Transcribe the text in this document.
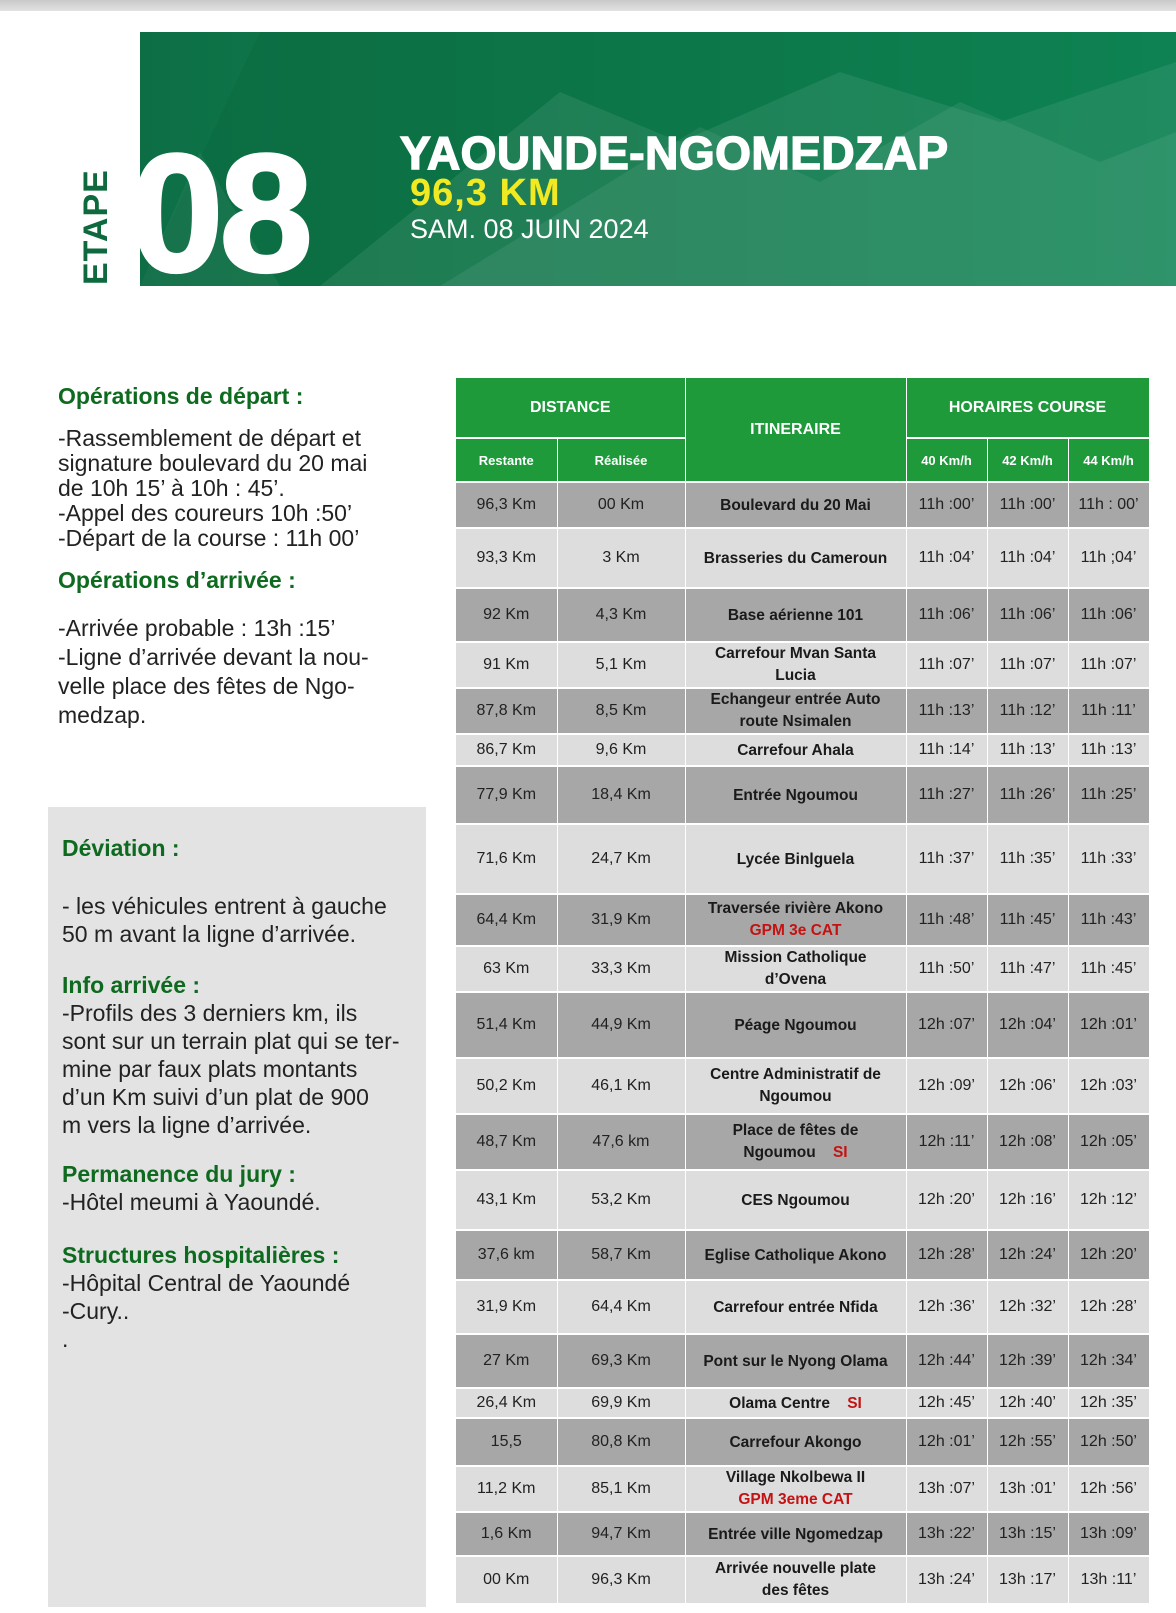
ETAPE 08 YAOUNDE-NGOMEDZAP
96,3 KM
SAM. 08 JUIN 2024

Opérations de départ :

-Rassemblement de départ et

signature boulevard du 20 mai

de 10h 15’ à 10h : 45’.

-Appel des coureurs 10h :50’

-Départ de la course : 11h 00’

Opérations d’arrivée :

-Arrivée probable : 13h :15’

-Ligne d’arrivée devant la nou-

velle place des fêtes de Ngo-

medzap.

Déviation :

- les véhicules entrent à gauche

50 m avant la ligne d’arrivée.

Info arrivée :

-Profils des 3 derniers km, ils

sont sur un terrain plat qui se ter-

mine par faux plats montants

d’un Km suivi d’un plat de 900

m vers la ligne d’arrivée.

Permanence du jury :

-Hôtel meumi à Yaoundé.

Structures hospitalières :

-Hôpital Central de Yaoundé

-Cury..

.

DISTANCE		ITINERAIRE	HORAIRES COURSE		
Restante	Réalisée		40 Km/h	42 Km/h	44 Km/h
96,3 Km	00 Km	Boulevard du 20 Mai	11h :00’	11h :00’	11h : 00’
93,3 Km	3 Km	Brasseries du Cameroun	11h :04’	11h :04’	11h ;04’
92 Km	4,3 Km	Base aérienne 101	11h :06’	11h :06’	11h :06’
91 Km	5,1 Km	Carrefour Mvan Santa
Lucia	11h :07’	11h :07’	11h :07’
87,8 Km	8,5 Km	Echangeur entrée Auto
route Nsimalen	11h :13’	11h :12’	11h :11’
86,7 Km	9,6 Km	Carrefour Ahala	11h :14’	11h :13’	11h :13’
77,9 Km	18,4 Km	Entrée Ngoumou	11h :27’	11h :26’	11h :25’
71,6 Km	24,7 Km	Lycée Binlguela	11h :37’	11h :35’	11h :33’
64,4 Km	31,9 Km	Traversée rivière Akono
GPM 3e CAT	11h :48’	11h :45’	11h :43’
63 Km	33,3 Km	Mission Catholique
d’Ovena	11h :50’	11h :47’	11h :45’
51,4 Km	44,9 Km	Péage Ngoumou	12h :07’	12h :04’	12h :01’
50,2 Km	46,1 Km	Centre Administratif de
Ngoumou	12h :09’	12h :06’	12h :03’
48,7 Km	47,6 km	Place de fêtes de
Ngoumou SI	12h :11’	12h :08’	12h :05’
43,1 Km	53,2 Km	CES Ngoumou	12h :20’	12h :16’	12h :12’
37,6 km	58,7 Km	Eglise Catholique Akono	12h :28’	12h :24’	12h :20’
31,9 Km	64,4 Km	Carrefour entrée Nfida	12h :36’	12h :32’	12h :28’
27 Km	69,3 Km	Pont sur le Nyong Olama	12h :44’	12h :39’	12h :34’
26,4 Km	69,9 Km	Olama Centre SI	12h :45’	12h :40’	12h :35’
15,5	80,8 Km	Carrefour Akongo	12h :01’	12h :55’	12h :50’
11,2 Km	85,1 Km	Village Nkolbewa II
GPM 3eme CAT	13h :07’	13h :01’	12h :56’
1,6 Km	94,7 Km	Entrée ville Ngomedzap	13h :22’	13h :15’	13h :09’
00 Km	96,3 Km	Arrivée nouvelle plate
des fêtes	13h :24’	13h :17’	13h :11’
